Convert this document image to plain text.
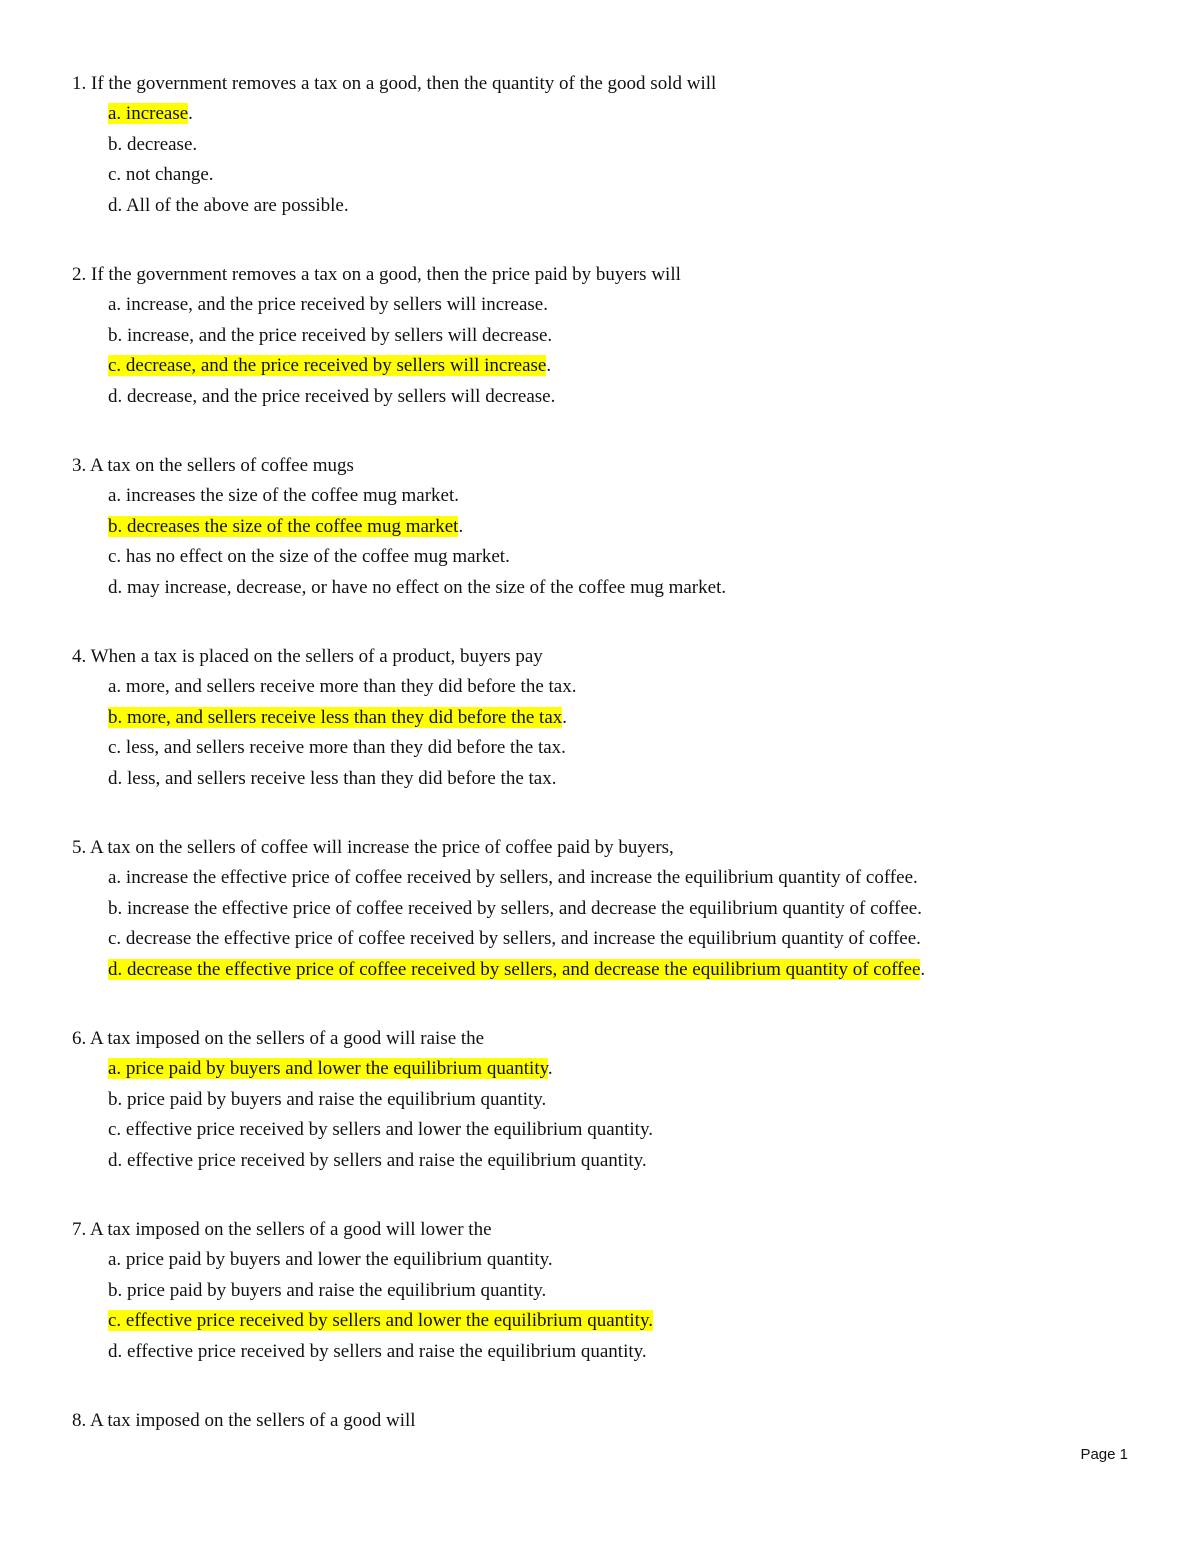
1. If the government removes a tax on a good, then the quantity of the good sold will
a. increase.
b. decrease.
c. not change.
d. All of the above are possible.
2. If the government removes a tax on a good, then the price paid by buyers will
a. increase, and the price received by sellers will increase.
b. increase, and the price received by sellers will decrease.
c. decrease, and the price received by sellers will increase.
d. decrease, and the price received by sellers will decrease.
3. A tax on the sellers of coffee mugs
a. increases the size of the coffee mug market.
b. decreases the size of the coffee mug market.
c. has no effect on the size of the coffee mug market.
d. may increase, decrease, or have no effect on the size of the coffee mug market.
4. When a tax is placed on the sellers of a product, buyers pay
a. more, and sellers receive more than they did before the tax.
b. more, and sellers receive less than they did before the tax.
c. less, and sellers receive more than they did before the tax.
d. less, and sellers receive less than they did before the tax.
5. A tax on the sellers of coffee will increase the price of coffee paid by buyers,
a. increase the effective price of coffee received by sellers, and increase the equilibrium quantity of coffee.
b. increase the effective price of coffee received by sellers, and decrease the equilibrium quantity of coffee.
c. decrease the effective price of coffee received by sellers, and increase the equilibrium quantity of coffee.
d. decrease the effective price of coffee received by sellers, and decrease the equilibrium quantity of coffee.
6. A tax imposed on the sellers of a good will raise the
a. price paid by buyers and lower the equilibrium quantity.
b. price paid by buyers and raise the equilibrium quantity.
c. effective price received by sellers and lower the equilibrium quantity.
d. effective price received by sellers and raise the equilibrium quantity.
7. A tax imposed on the sellers of a good will lower the
a. price paid by buyers and lower the equilibrium quantity.
b. price paid by buyers and raise the equilibrium quantity.
c. effective price received by sellers and lower the equilibrium quantity.
d. effective price received by sellers and raise the equilibrium quantity.
8. A tax imposed on the sellers of a good will
Page 1
